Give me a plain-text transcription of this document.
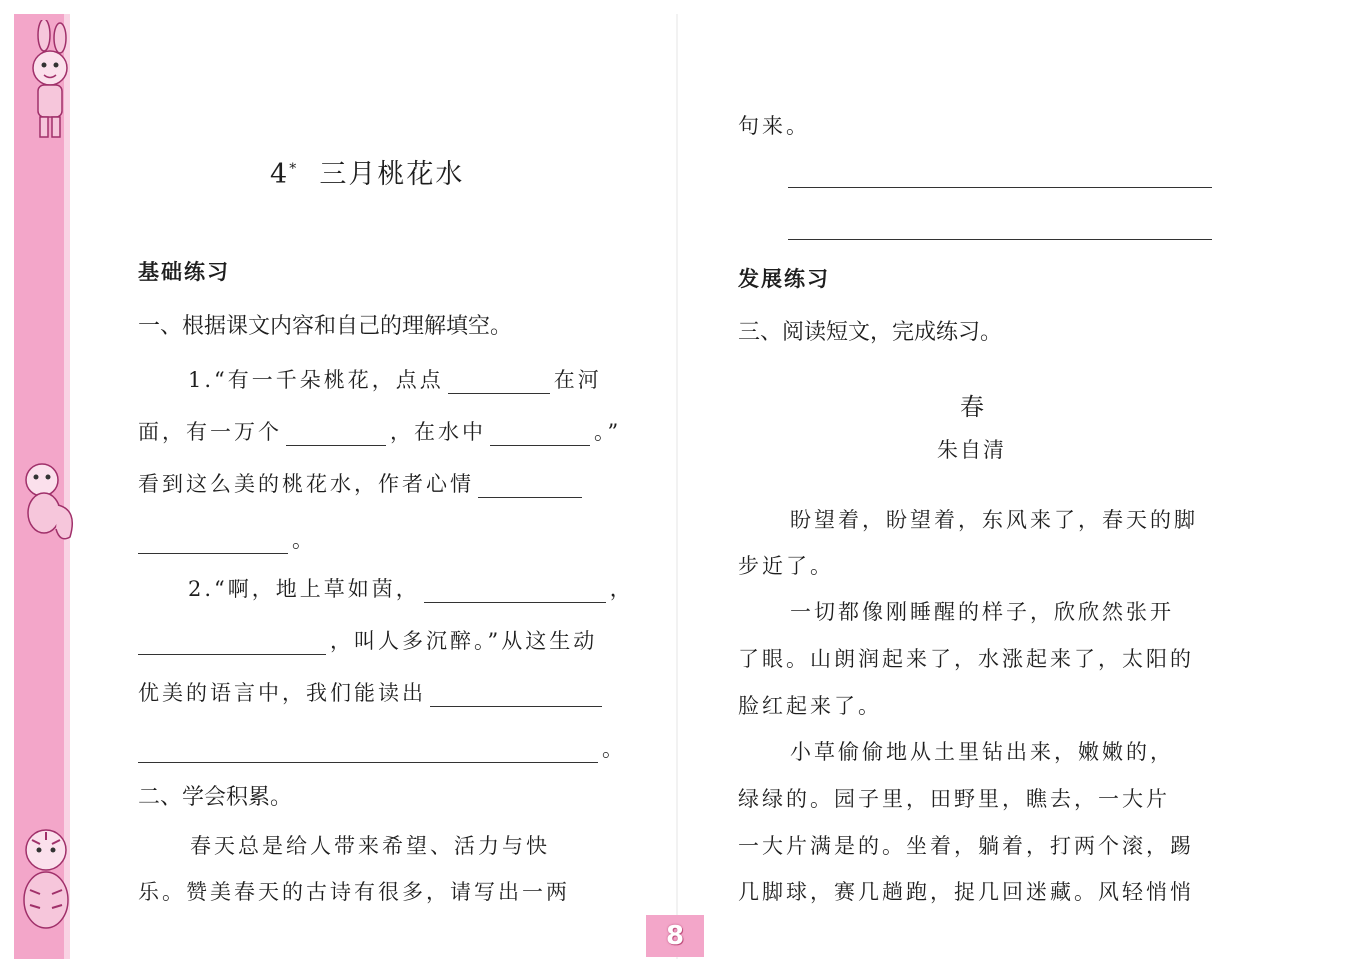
4* 三月桃花水
基础练习
一、根据课文内容和自己的理解填空。
1.“有一千朵桃花，点点	在河
面，有一万个	，在水中	。”
看到这么美的桃花水，作者心情
。
2.“啊，地上草如茵，	，
，叫人多沉醉。”从这生动
优美的语言中，我们能读出
。
二、学会积累。
春天总是给人带来希望、活力与快
乐。赞美春天的古诗有很多，请写出一两
句来。
发展练习
三、阅读短文，完成练习。
春
朱自清
盼望着，盼望着，东风来了，春天的脚
步近了。
一切都像刚睡醒的样子，欣欣然张开
了眼。山朗润起来了，水涨起来了，太阳的
脸红起来了。
小草偷偷地从土里钻出来，嫩嫩的，
绿绿的。园子里，田野里，瞧去，一大片
一大片满是的。坐着，躺着，打两个滚，踢
几脚球，赛几趟跑，捉几回迷藏。风轻悄悄
8
